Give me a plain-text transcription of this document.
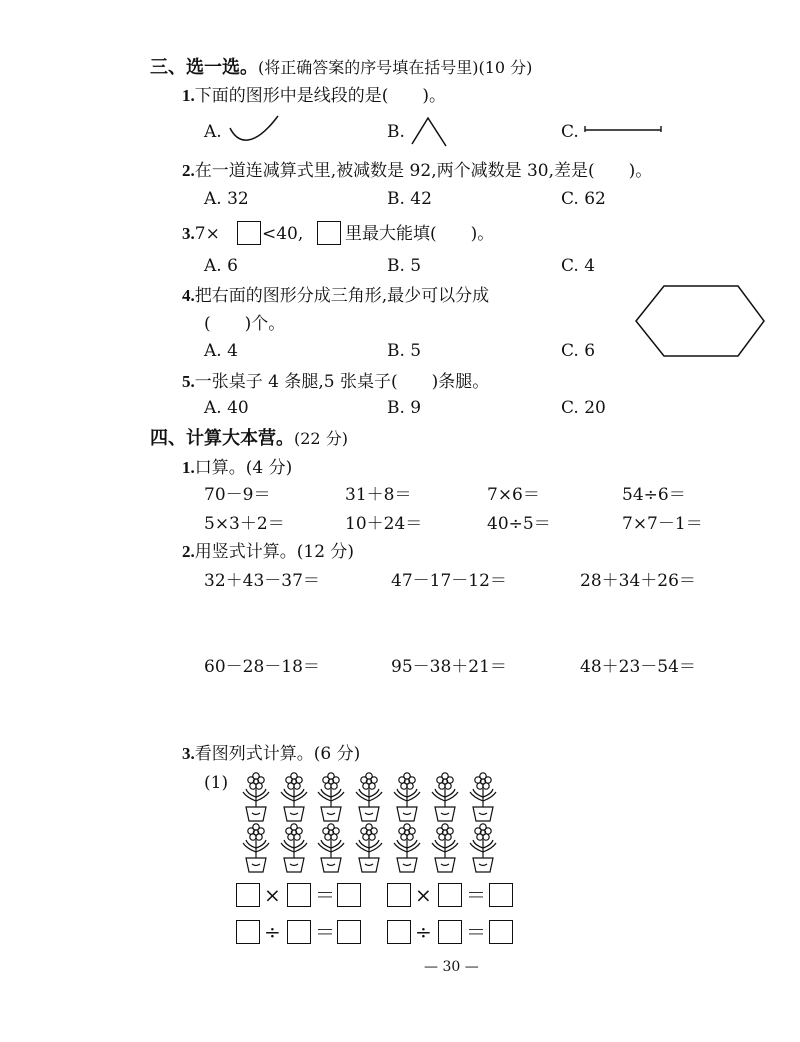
三、选一选。(将正确答案的序号填在括号里)(10 分)
1.下面的图形中是线段的是(　　)。
A.	B.	C.
2.在一道连减算式里,被减数是 92,两个减数是 30,差是(　　)。
A. 32	B. 42	C. 62
3.7× <40, 里最大能填(　　)。
A. 6	B. 5	C. 4
4.把右面的图形分成三角形,最少可以分成
(　　)个。
A. 4	B. 5	C. 6
5.一张桌子 4 条腿,5 张桌子(　　)条腿。
A. 40	B. 9	C. 20
四、计算大本营。(22 分)
1.口算。(4 分)
70－9＝	31＋8＝	7×6＝	54÷6＝
5×3＋2＝	10＋24＝	40÷5＝	7×7－1＝
2.用竖式计算。(12 分)
32＋43－37＝	47－17－12＝	28＋34＋26＝
60－28－18＝	95－38＋21＝	48＋23－54＝
3.看图列式计算。(6 分)
(1)
× ＝	× ＝
÷ ＝	÷ ＝
— 30 —
